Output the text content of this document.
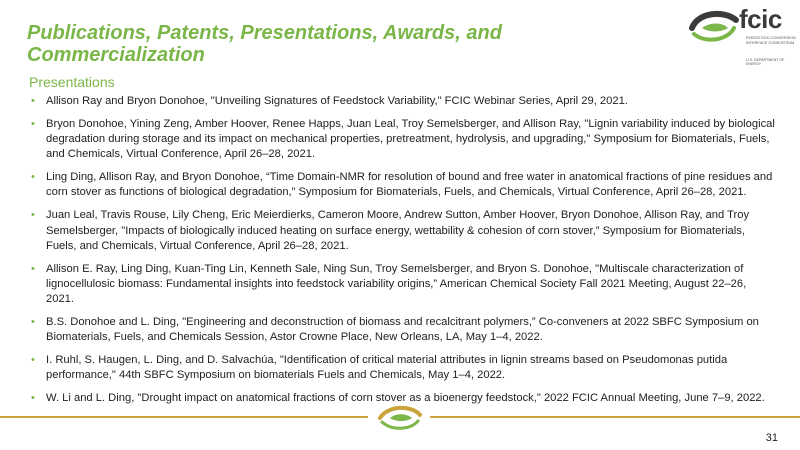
Publications, Patents, Presentations, Awards, and Commercialization
fcic
FEEDSTOCK-CONVERSION INTERFACE CONSORTIUM
U.S. DEPARTMENT OF ENERGY
Presentations
• Allison Ray and Bryon Donohoe, "Unveiling Signatures of Feedstock Variability," FCIC Webinar Series, April 29, 2021.
• Bryon Donohoe, Yining Zeng, Amber Hoover, Renee Happs, Juan Leal, Troy Semelsberger, and Allison Ray, "Lignin variability induced by biological degradation during storage and its impact on mechanical properties, pretreatment, hydrolysis, and upgrading," Symposium for Biomaterials, Fuels, and Chemicals, Virtual Conference, April 26–28, 2021.
• Ling Ding, Allison Ray, and Bryon Donohoe, “Time Domain-NMR for resolution of bound and free water in anatomical fractions of pine residues and corn stover as functions of biological degradation,” Symposium for Biomaterials, Fuels, and Chemicals, Virtual Conference, April 26–28, 2021.
• Juan Leal, Travis Rouse, Lily Cheng, Eric Meierdierks, Cameron Moore, Andrew Sutton, Amber Hoover, Bryon Donohoe, Allison Ray, and Troy Semelsberger, "Impacts of biologically induced heating on surface energy, wettability & cohesion of corn stover,” Symposium for Biomaterials, Fuels, and Chemicals, Virtual Conference, April 26–28, 2021.
• Allison E. Ray, Ling Ding, Kuan-Ting Lin, Kenneth Sale, Ning Sun, Troy Semelsberger, and Bryon S. Donohoe, "Multiscale characterization of lignocellulosic biomass: Fundamental insights into feedstock variability origins,” American Chemical Society Fall 2021 Meeting, August 22–26, 2021.
• B.S. Donohoe and L. Ding, "Engineering and deconstruction of biomass and recalcitrant polymers,” Co-conveners at 2022 SBFC Symposium on Biomaterials, Fuels, and Chemicals Session, Astor Crowne Place, New Orleans, LA, May 1–4, 2022.
• I. Ruhl, S. Haugen, L. Ding, and D. Salvachúa, "Identification of critical material attributes in lignin streams based on Pseudomonas putida performance," 44th SBFC Symposium on biomaterials Fuels and Chemicals, May 1–4, 2022.
• W. Li and L. Ding, "Drought impact on anatomical fractions of corn stover as a bioenergy feedstock," 2022 FCIC Annual Meeting, June 7–9, 2022.
31
